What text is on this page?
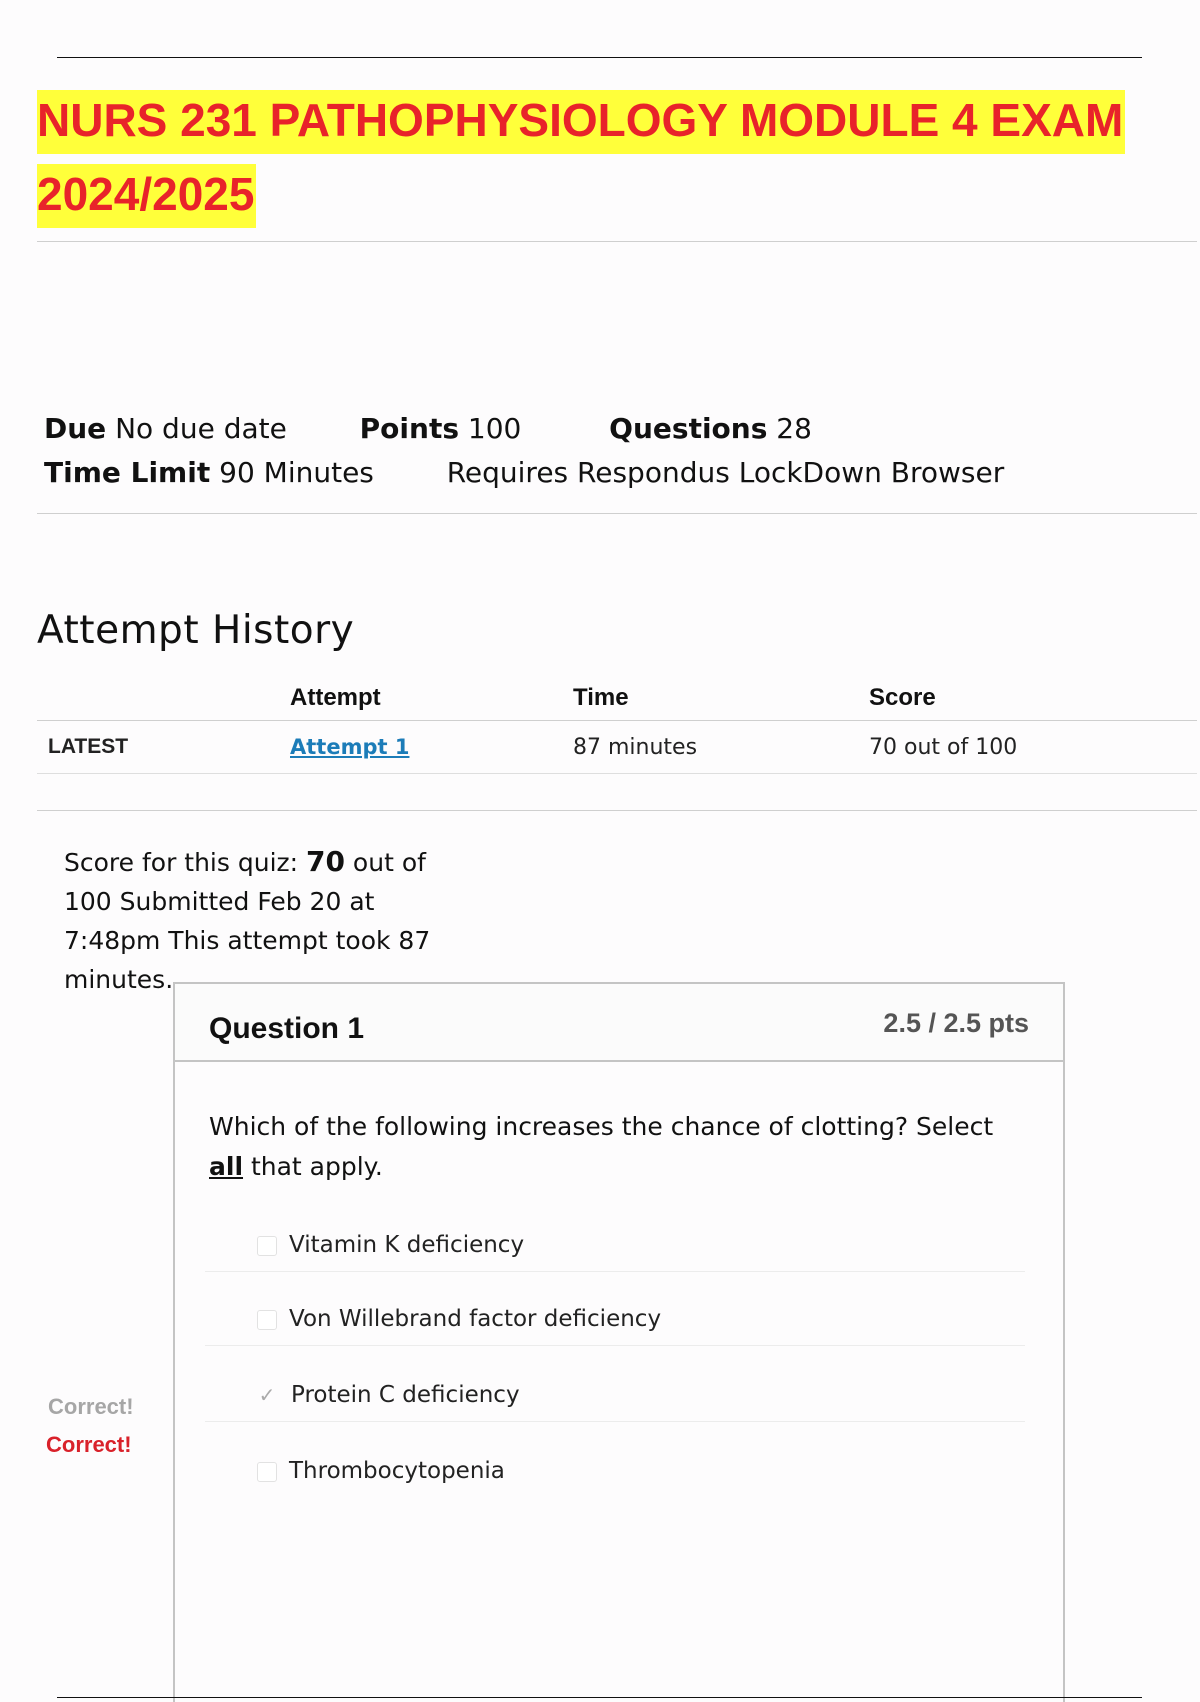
NURS 231 PATHOPHYSIOLOGY MODULE 4 EXAM
2024/2025
Due No due date	Points 100	Questions 28
Time Limit 90 Minutes	Requires Respondus LockDown Browser
Attempt History
	Attempt	Time	Score
LATEST	Attempt 1	87 minutes	70 out of 100
Score for this quiz: 70 out of 100 Submitted Feb 20 at 7:48pm This attempt took 87 minutes.
Question 1	2.5 / 2.5 pts
Which of the following increases the chance of clotting? Select
all that apply.
Vitamin K deficiency
Von Willebrand factor deficiency
✓ Protein C deficiency
Thrombocytopenia
Correct!
Correct!
